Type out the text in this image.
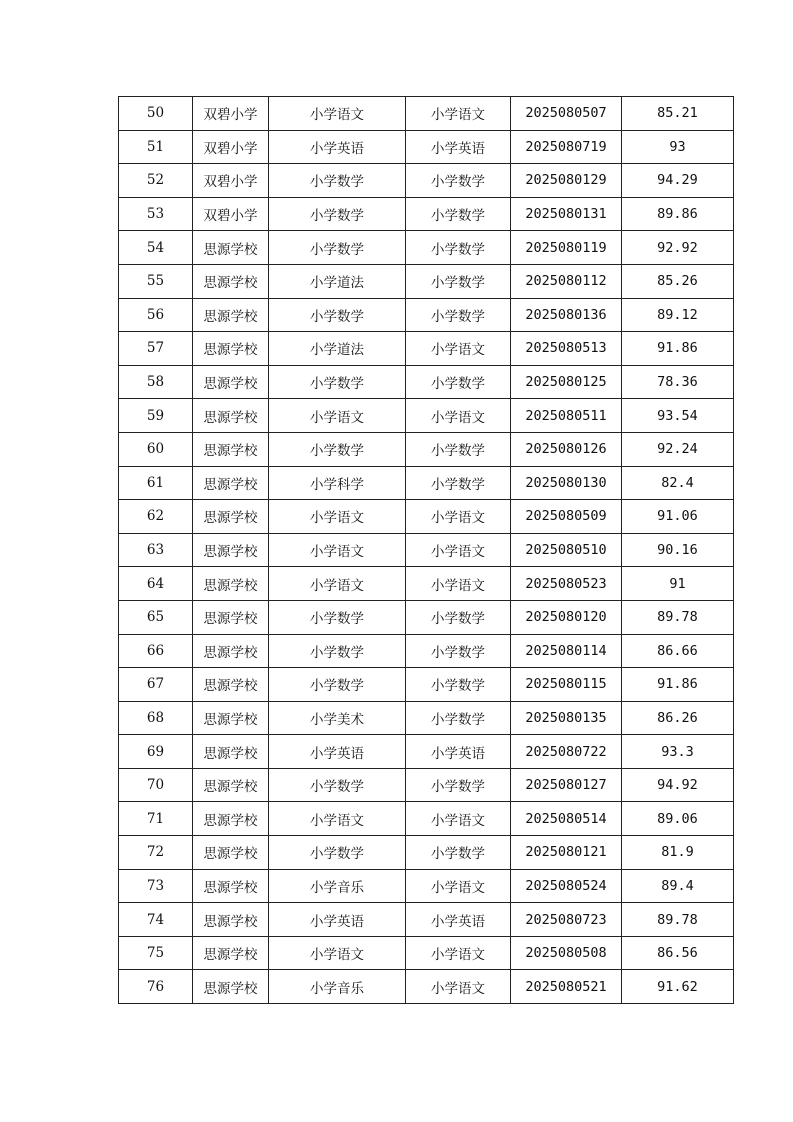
50	双碧小学	小学语文	小学语文	2025080507	85.21
51	双碧小学	小学英语	小学英语	2025080719	93
52	双碧小学	小学数学	小学数学	2025080129	94.29
53	双碧小学	小学数学	小学数学	2025080131	89.86
54	思源学校	小学数学	小学数学	2025080119	92.92
55	思源学校	小学道法	小学数学	2025080112	85.26
56	思源学校	小学数学	小学数学	2025080136	89.12
57	思源学校	小学道法	小学语文	2025080513	91.86
58	思源学校	小学数学	小学数学	2025080125	78.36
59	思源学校	小学语文	小学语文	2025080511	93.54
60	思源学校	小学数学	小学数学	2025080126	92.24
61	思源学校	小学科学	小学数学	2025080130	82.4
62	思源学校	小学语文	小学语文	2025080509	91.06
63	思源学校	小学语文	小学语文	2025080510	90.16
64	思源学校	小学语文	小学语文	2025080523	91
65	思源学校	小学数学	小学数学	2025080120	89.78
66	思源学校	小学数学	小学数学	2025080114	86.66
67	思源学校	小学数学	小学数学	2025080115	91.86
68	思源学校	小学美术	小学数学	2025080135	86.26
69	思源学校	小学英语	小学英语	2025080722	93.3
70	思源学校	小学数学	小学数学	2025080127	94.92
71	思源学校	小学语文	小学语文	2025080514	89.06
72	思源学校	小学数学	小学数学	2025080121	81.9
73	思源学校	小学音乐	小学语文	2025080524	89.4
74	思源学校	小学英语	小学英语	2025080723	89.78
75	思源学校	小学语文	小学语文	2025080508	86.56
76	思源学校	小学音乐	小学语文	2025080521	91.62
